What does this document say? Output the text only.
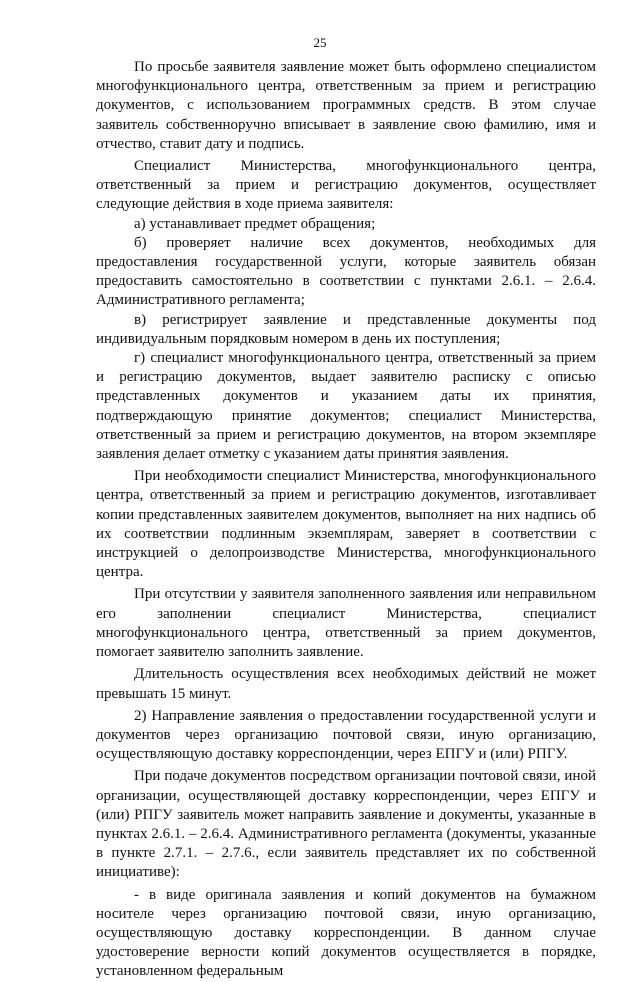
25

По просьбе заявителя заявление может быть оформлено специалистом многофункционального центра, ответственным за прием и регистрацию документов, с использованием программных средств. В этом случае заявитель собственноручно вписывает в заявление свою фамилию, имя и отчество, ставит дату и подпись.

Специалист Министерства, многофункционального центра, ответственный за прием и регистрацию документов, осуществляет следующие действия в ходе приема заявителя:

а) устанавливает предмет обращения;

б) проверяет наличие всех документов, необходимых для предоставления государственной услуги, которые заявитель обязан предоставить самостоятельно в соответствии с пунктами 2.6.1. – 2.6.4. Административного регламента;

в) регистрирует заявление и представленные документы под индивидуальным порядковым номером в день их поступления;

г) специалист многофункционального центра, ответственный за прием и регистрацию документов, выдает заявителю расписку с описью представленных документов и указанием даты их принятия, подтверждающую принятие документов; специалист Министерства, ответственный за прием и регистрацию документов, на втором экземпляре заявления делает отметку с указанием даты принятия заявления.

При необходимости специалист Министерства, многофункционального центра, ответственный за прием и регистрацию документов, изготавливает копии представленных заявителем документов, выполняет на них надпись об их соответствии подлинным экземплярам, заверяет в соответствии с инструкцией о делопроизводстве Министерства, многофункционального центра.

При отсутствии у заявителя заполненного заявления или неправильном его заполнении специалист Министерства, специалист многофункционального центра, ответственный за прием документов, помогает заявителю заполнить заявление.

Длительность осуществления всех необходимых действий не может превышать 15 минут.

2) Направление заявления о предоставлении государственной услуги и документов через организацию почтовой связи, иную организацию, осуществляющую доставку корреспонденции, через ЕПГУ и (или) РПГУ.

При подаче документов посредством организации почтовой связи, иной организации, осуществляющей доставку корреспонденции, через ЕПГУ и (или) РПГУ заявитель может направить заявление и документы, указанные в пунктах 2.6.1. – 2.6.4. Административного регламента (документы, указанные в пункте 2.7.1. – 2.7.6., если заявитель представляет их по собственной инициативе):

- в виде оригинала заявления и копий документов на бумажном носителе через организацию почтовой связи, иную организацию, осуществляющую доставку корреспонденции. В данном случае удостоверение верности копий документов осуществляется в порядке, установленном федеральным
